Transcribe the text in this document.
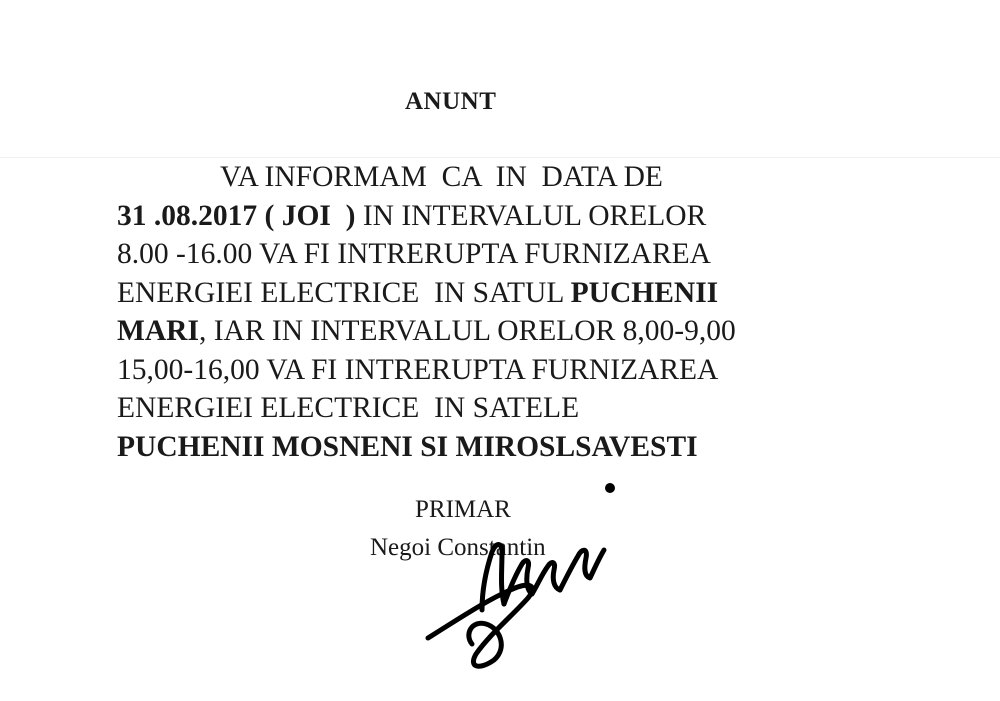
ANUNT
VA INFORMAM  CA  IN  DATA DE
31 .08.2017 ( JOI  ) IN INTERVALUL ORELOR
8.00 -16.00 VA FI INTRERUPTA FURNIZAREA
ENERGIEI ELECTRICE  IN SATUL PUCHENII
MARI, IAR IN INTERVALUL ORELOR 8,00-9,00
15,00-16,00 VA FI INTRERUPTA FURNIZAREA
ENERGIEI ELECTRICE  IN SATELE
PUCHENII MOSNENI SI MIROSLSAVESTI

PRIMAR

Negoi Constantin
